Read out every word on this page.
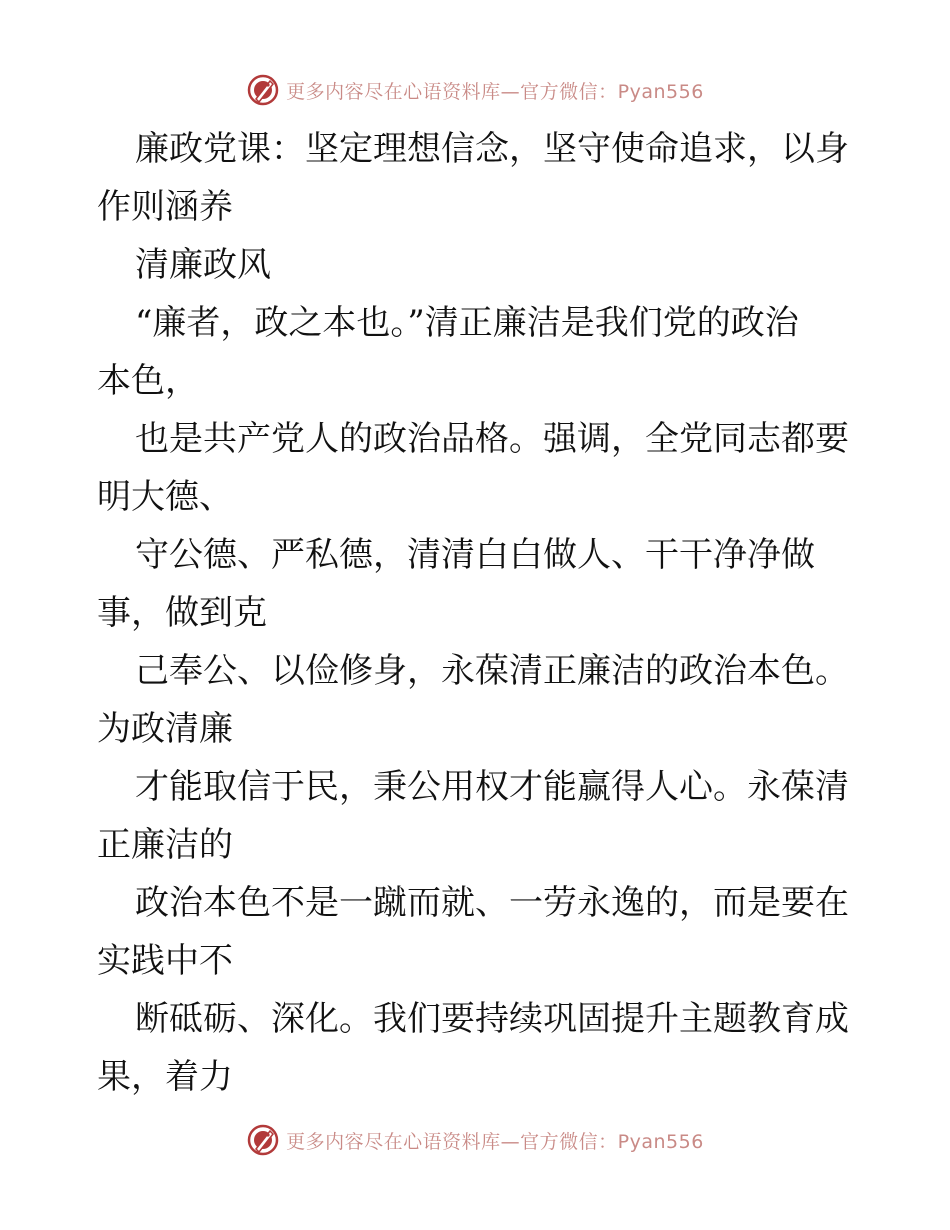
更多内容尽在心语资料库—官方微信：Pyan556

廉政党课：坚定理想信念，坚守使命追求，以身
作则涵养

清廉政风

“廉者，政之本也。”清正廉洁是我们党的政治
本色，

也是共产党人的政治品格。强调，全党同志都要
明大德、

守公德、严私德，清清白白做人、干干净净做
事，做到克

己奉公、以俭修身，永葆清正廉洁的政治本色。
为政清廉

才能取信于民，秉公用权才能赢得人心。永葆清
正廉洁的

政治本色不是一蹴而就、一劳永逸的，而是要在
实践中不

断砥砺、深化。我们要持续巩固提升主题教育成
果，着力

更多内容尽在心语资料库—官方微信：Pyan556
